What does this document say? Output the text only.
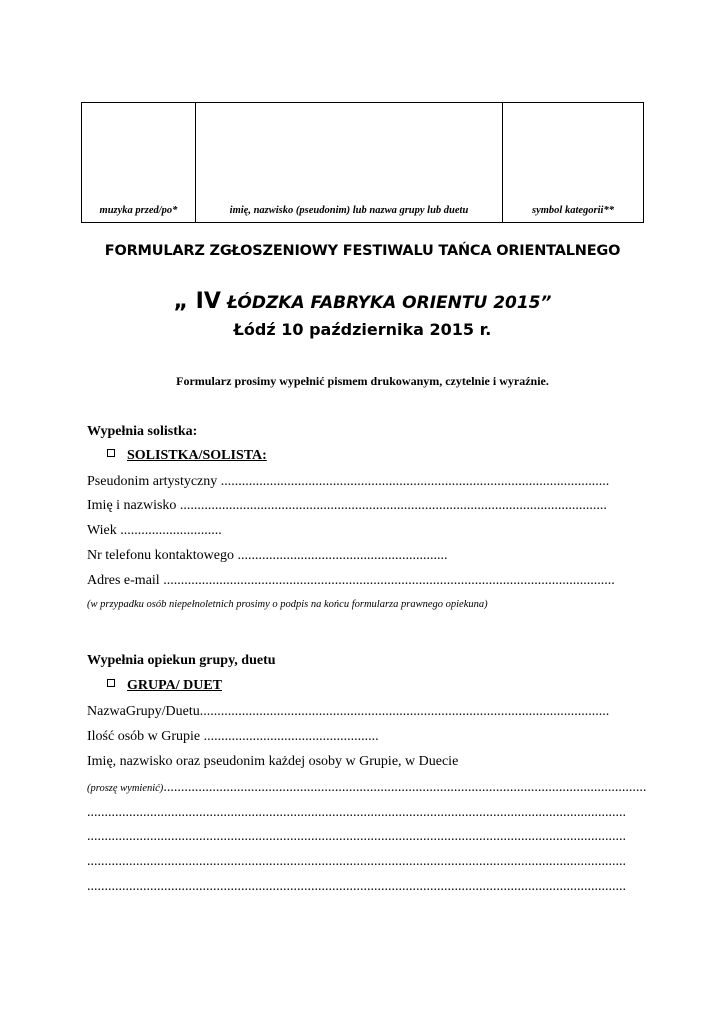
muzyka przed/po*	imię, nazwisko (pseudonim) lub nazwa grupy lub duetu	symbol kategorii**
FORMULARZ ZGŁOSZENIOWY FESTIWALU TAŃCA ORIENTALNEGO
„ IV ŁÓDZKA FABRYKA ORIENTU 2015”
Łódź 10 października 2015 r.
Formularz prosimy wypełnić pismem drukowanym, czytelnie i wyraźnie.
Wypełnia solistka:
SOLISTKA/SOLISTA:
Pseudonim artystyczny ...............................................................................................................
Imię i nazwisko ..........................................................................................................................
Wiek .............................
Nr telefonu kontaktowego ............................................................
Adres e-mail .................................................................................................................................
(w przypadku osób niepełnoletnich prosimy o podpis na końcu formularza prawnego opiekuna)
Wypełnia opiekun grupy, duetu
GRUPA/ DUET
NazwaGrupy/Duetu.....................................................................................................................
Ilość osób w Grupie ..................................................
Imię, nazwisko oraz pseudonim każdej osoby w Grupie, w Duecie
(proszę wymienić)..........................................................................................................................................
..........................................................................................................................................................
..........................................................................................................................................................
..........................................................................................................................................................
..........................................................................................................................................................
